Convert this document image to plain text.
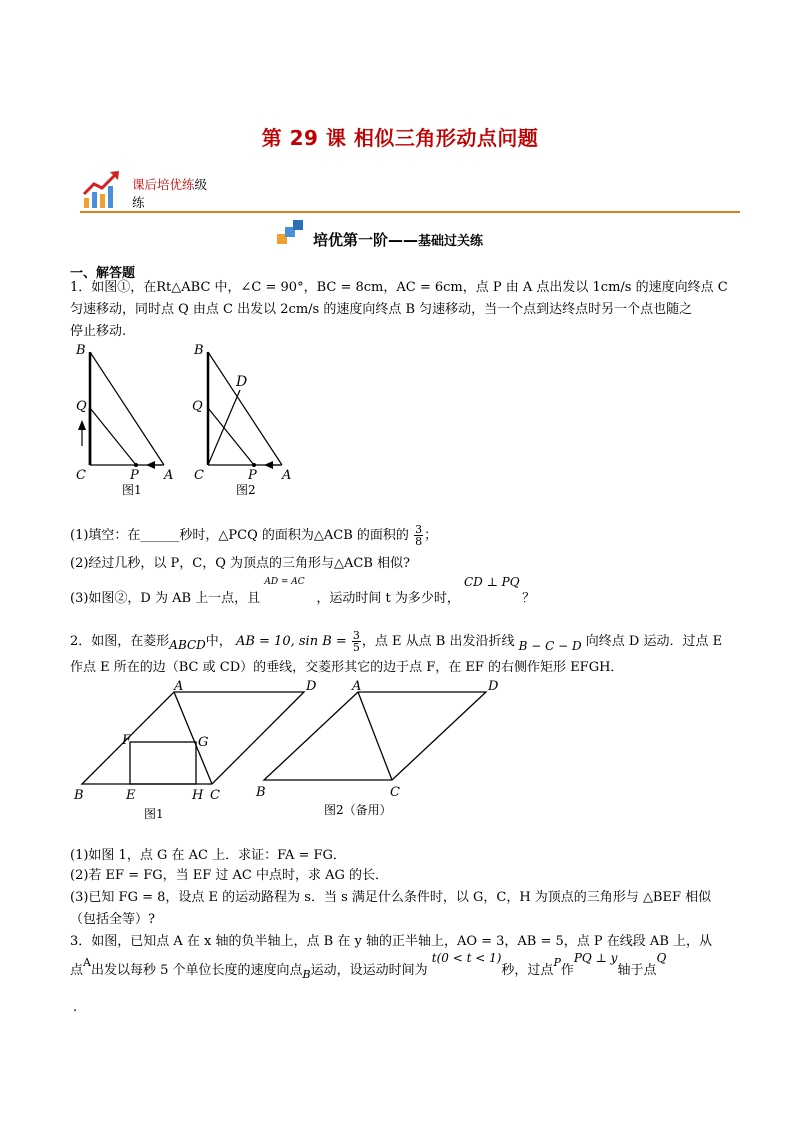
第 29 课 相似三角形动点问题
课后培优练级
练
培优第一阶——基础过关练
一、解答题
1．如图①，在Rt△ABC 中，∠C = 90°，BC = 8cm，AC = 6cm，点 P 由 A 点出发以 1cm/s 的速度向终点 C
匀速移动，同时点 Q 由点 C 出发以 2cm/s 的速度向终点 B 匀速移动，当一个点到达终点时另一个点也随之
停止移动.
B
Q
C	P A
图1
B
D
Q
C	P A
图2
(1)填空：在______秒时，△PCQ 的面积为△ACB 的面积的 $\frac{3}{8}$ ；
(2)经过几秒，以 P，C，Q 为顶点的三角形与△ACB 相似?
(3)如图②，D 为 AB 上一点，且
AD = AC
，运动时间 t 为多少时，
CD ⊥ PQ
？
2．如图，在菱形ABCD中， AB = 10, $\sin B = \frac{3}{5}$ ，点 E 从点 B 出发沿折线 B − C − D 向终点 D 运动．过点 E
作点 E 所在的边（BC 或 CD）的垂线，交菱形其它的边于点 F，在 EF 的右侧作矩形 EFGH．
A	D
F	G
B	E	H C
图1
A	D
B	C
图2（备用）
(1)如图 1，点 G 在 AC 上．求证：FA = FG．
(2)若 EF = FG，当 EF 过 AC 中点时，求 AG 的长．
(3)已知 FG = 8，设点 E 的运动路程为 s．当 s 满足什么条件时，以 G，C，H 为顶点的三角形与 △BEF 相似
（包括全等）?
3．如图，已知点 A 在 x 轴的负半轴上，点 B 在 y 轴的正半轴上，AO = 3，AB = 5，点 P 在线段 AB 上，从
点$^A$出发以每秒 5 个单位长度的速度向点$_B$运动，设运动时间为 t(0 < t < 1)秒，过点$^P$作PQ ⊥ y轴于点Q
.
